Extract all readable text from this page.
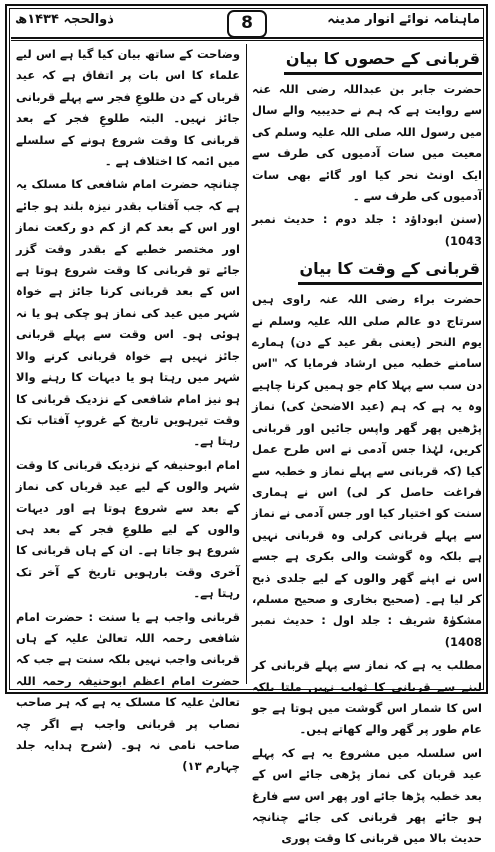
ماہنامہ نوائے انوار مدینہ
8
ذوالحجہ ۱۴۳۴ھ
قربانی کے حصوں کا بیان

حضرت جابر بن عبداللہ رضی اللہ عنہ سے روایت ہے کہ ہم نے حدیبیہ والے سال میں رسول اللہ صلی اللہ علیہ وسلم کی معیت میں سات آدمیوں کی طرف سے ایک اونٹ نحر کیا اور گائے بھی سات آدمیوں کی طرف سے ۔

(سنن ابوداؤد : جلد دوم : حدیث نمبر 1043)

قربانی کے وقت کا بیان

حضرت براء رضی اللہ عنہ راوی ہیں سرتاج دو عالم صلی اللہ علیہ وسلم نے یوم النحر (یعنی بقر عید کے دن) ہمارے سامنے خطبہ میں ارشاد فرمایا کہ "اس دن سب سے پہلا کام جو ہمیں کرنا چاہیے وہ یہ ہے کہ ہم (عید الاضحیٰ کی) نماز پڑھیں پھر گھر واپس جائیں اور قربانی کریں، لہٰذا جس آدمی نے اس طرح عمل کیا (کہ قربانی سے پہلے نماز و خطبہ سے فراغت حاصل کر لی) اس نے ہماری سنت کو اختیار کیا اور جس آدمی نے نماز سے پہلے قربانی کرلی وہ قربانی نہیں ہے بلکہ وہ گوشت والی بکری ہے جسے اس نے اپنے گھر والوں کے لیے جلدی ذبح کر لیا ہے۔ (صحیح بخاری و صحیح مسلم، مشکوٰۃ شریف : جلد اول : حدیث نمبر 1408)

مطلب یہ ہے کہ نماز سے پہلے قربانی کر لینے سے قربانی کا ثواب نہیں ملتا بلکہ اس کا شمار اس گوشت میں ہوتا ہے جو عام طور پر گھر والے کھاتے ہیں۔

اس سلسلہ میں مشروع یہ ہے کہ پہلے عید قربان کی نماز پڑھی جائے اس کے بعد خطبہ پڑھا جائے اور پھر اس سے فارغ ہو جائے پھر قربانی کی جائے چنانچہ حدیث بالا میں قربانی کا وقت پوری

وضاحت کے ساتھ بیان کیا گیا ہے اس لیے علماء کا اس بات پر اتفاق ہے کہ عید قرباں کے دن طلوعِ فجر سے پہلے قربانی جائز نہیں۔ البتہ طلوعِ فجر کے بعد قربانی کا وقت شروع ہونے کے سلسلے میں ائمہ کا اختلاف ہے ۔

چنانچہ حضرت امام شافعی کا مسلک یہ ہے کہ جب آفتاب بقدر نیزہ بلند ہو جائے اور اس کے بعد کم از کم دو رکعت نماز اور مختصر خطبے کے بقدر وقت گزر جائے تو قربانی کا وقت شروع ہوتا ہے اس کے بعد قربانی کرنا جائز ہے خواہ شہر میں عید کی نماز ہو چکی ہو یا نہ ہوئی ہو۔ اس وقت سے پہلے قربانی جائز نہیں ہے خواہ قربانی کرنے والا شہر میں رہتا ہو یا دیہات کا رہنے والا ہو نیز امام شافعی کے نزدیک قربانی کا وقت تیرہویں تاریخ کے غروبِ آفتاب تک رہتا ہے۔

امام ابوحنیفہ کے نزدیک قربانی کا وقت شہر والوں کے لیے عید قرباں کی نماز کے بعد سے شروع ہوتا ہے اور دیہات والوں کے لیے طلوعِ فجر کے بعد ہی شروع ہو جاتا ہے۔ ان کے ہاں قربانی کا آخری وقت بارہویں تاریخ کے آخر تک رہتا ہے۔

قربانی واجب ہے یا سنت : حضرت امام شافعی رحمہ اللہ تعالیٰ علیہ کے ہاں قربانی واجب نہیں بلکہ سنت ہے جب کہ حضرت امام اعظم ابوحنیفہ رحمہ اللہ تعالیٰ علیہ کا مسلک یہ ہے کہ ہر صاحب نصاب پر قربانی واجب ہے اگر چہ صاحب نامی نہ ہو۔ (شرح ہدایہ جلد چہارم ۱۳)
